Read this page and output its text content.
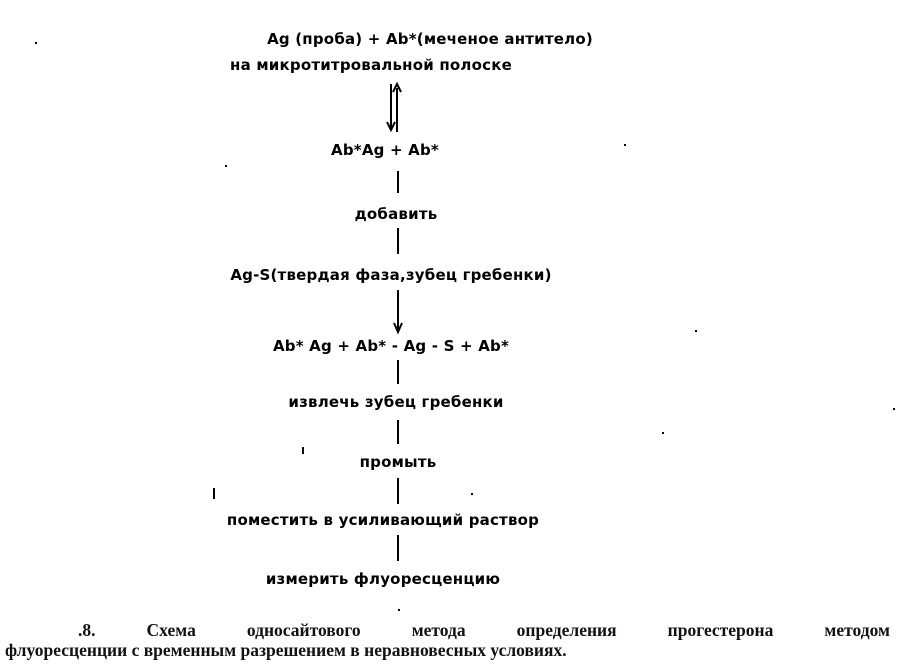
Ag (проба) + Ab*(меченое антитело)
на микротитровальной полоске
Ab*Ag + Ab*
добавить
Ag-S(твердая фаза,зубец гребенки)
Ab* Ag + Ab* - Ag - S + Ab*
извлечь зубец гребенки
промыть
поместить в усиливающий раствор
измерить флуоресценцию
.8.	Схема	односайтового	метода	определения	прогестерона	методом
флуоресценции с временным разрешением в неравновесных условиях.
